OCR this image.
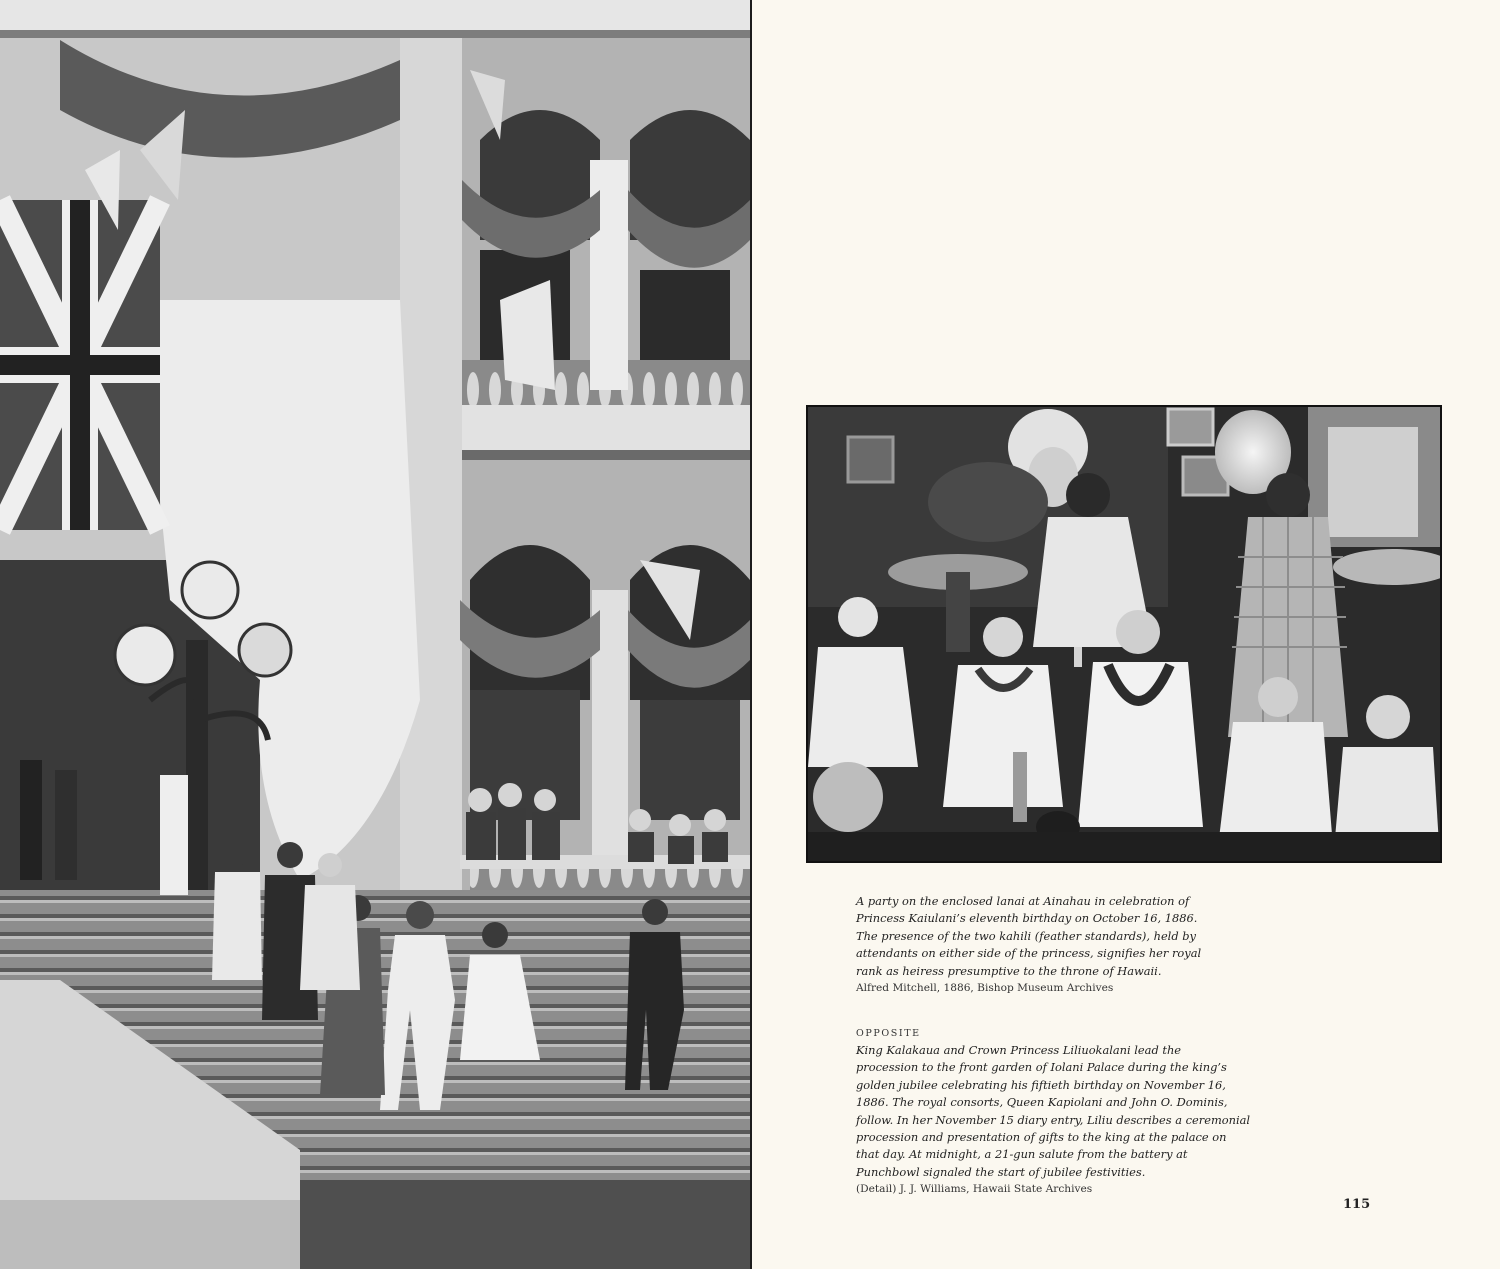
A party on the enclosed lanai at Ainahau in celebration of

Princess Kaiulani’s eleventh birthday on October 16, 1886.

The presence of the two kahili (feather standards), held by

attendants on either side of the princess, signifies her royal

rank as heiress presumptive to the throne of Hawaii.

Alfred Mitchell, 1886, Bishop Museum Archives

OPPOSITE

King Kalakaua and Crown Princess Liliuokalani lead the

procession to the front garden of Iolani Palace during the king’s

golden jubilee celebrating his fiftieth birthday on November 16,

1886. The royal consorts, Queen Kapiolani and John O. Dominis,

follow. In her November 15 diary entry, Liliu describes a ceremonial

procession and presentation of gifts to the king at the palace on

that day. At midnight, a 21-gun salute from the battery at

Punchbowl signaled the start of jubilee festivities.

(Detail) J. J. Williams, Hawaii State Archives

115
